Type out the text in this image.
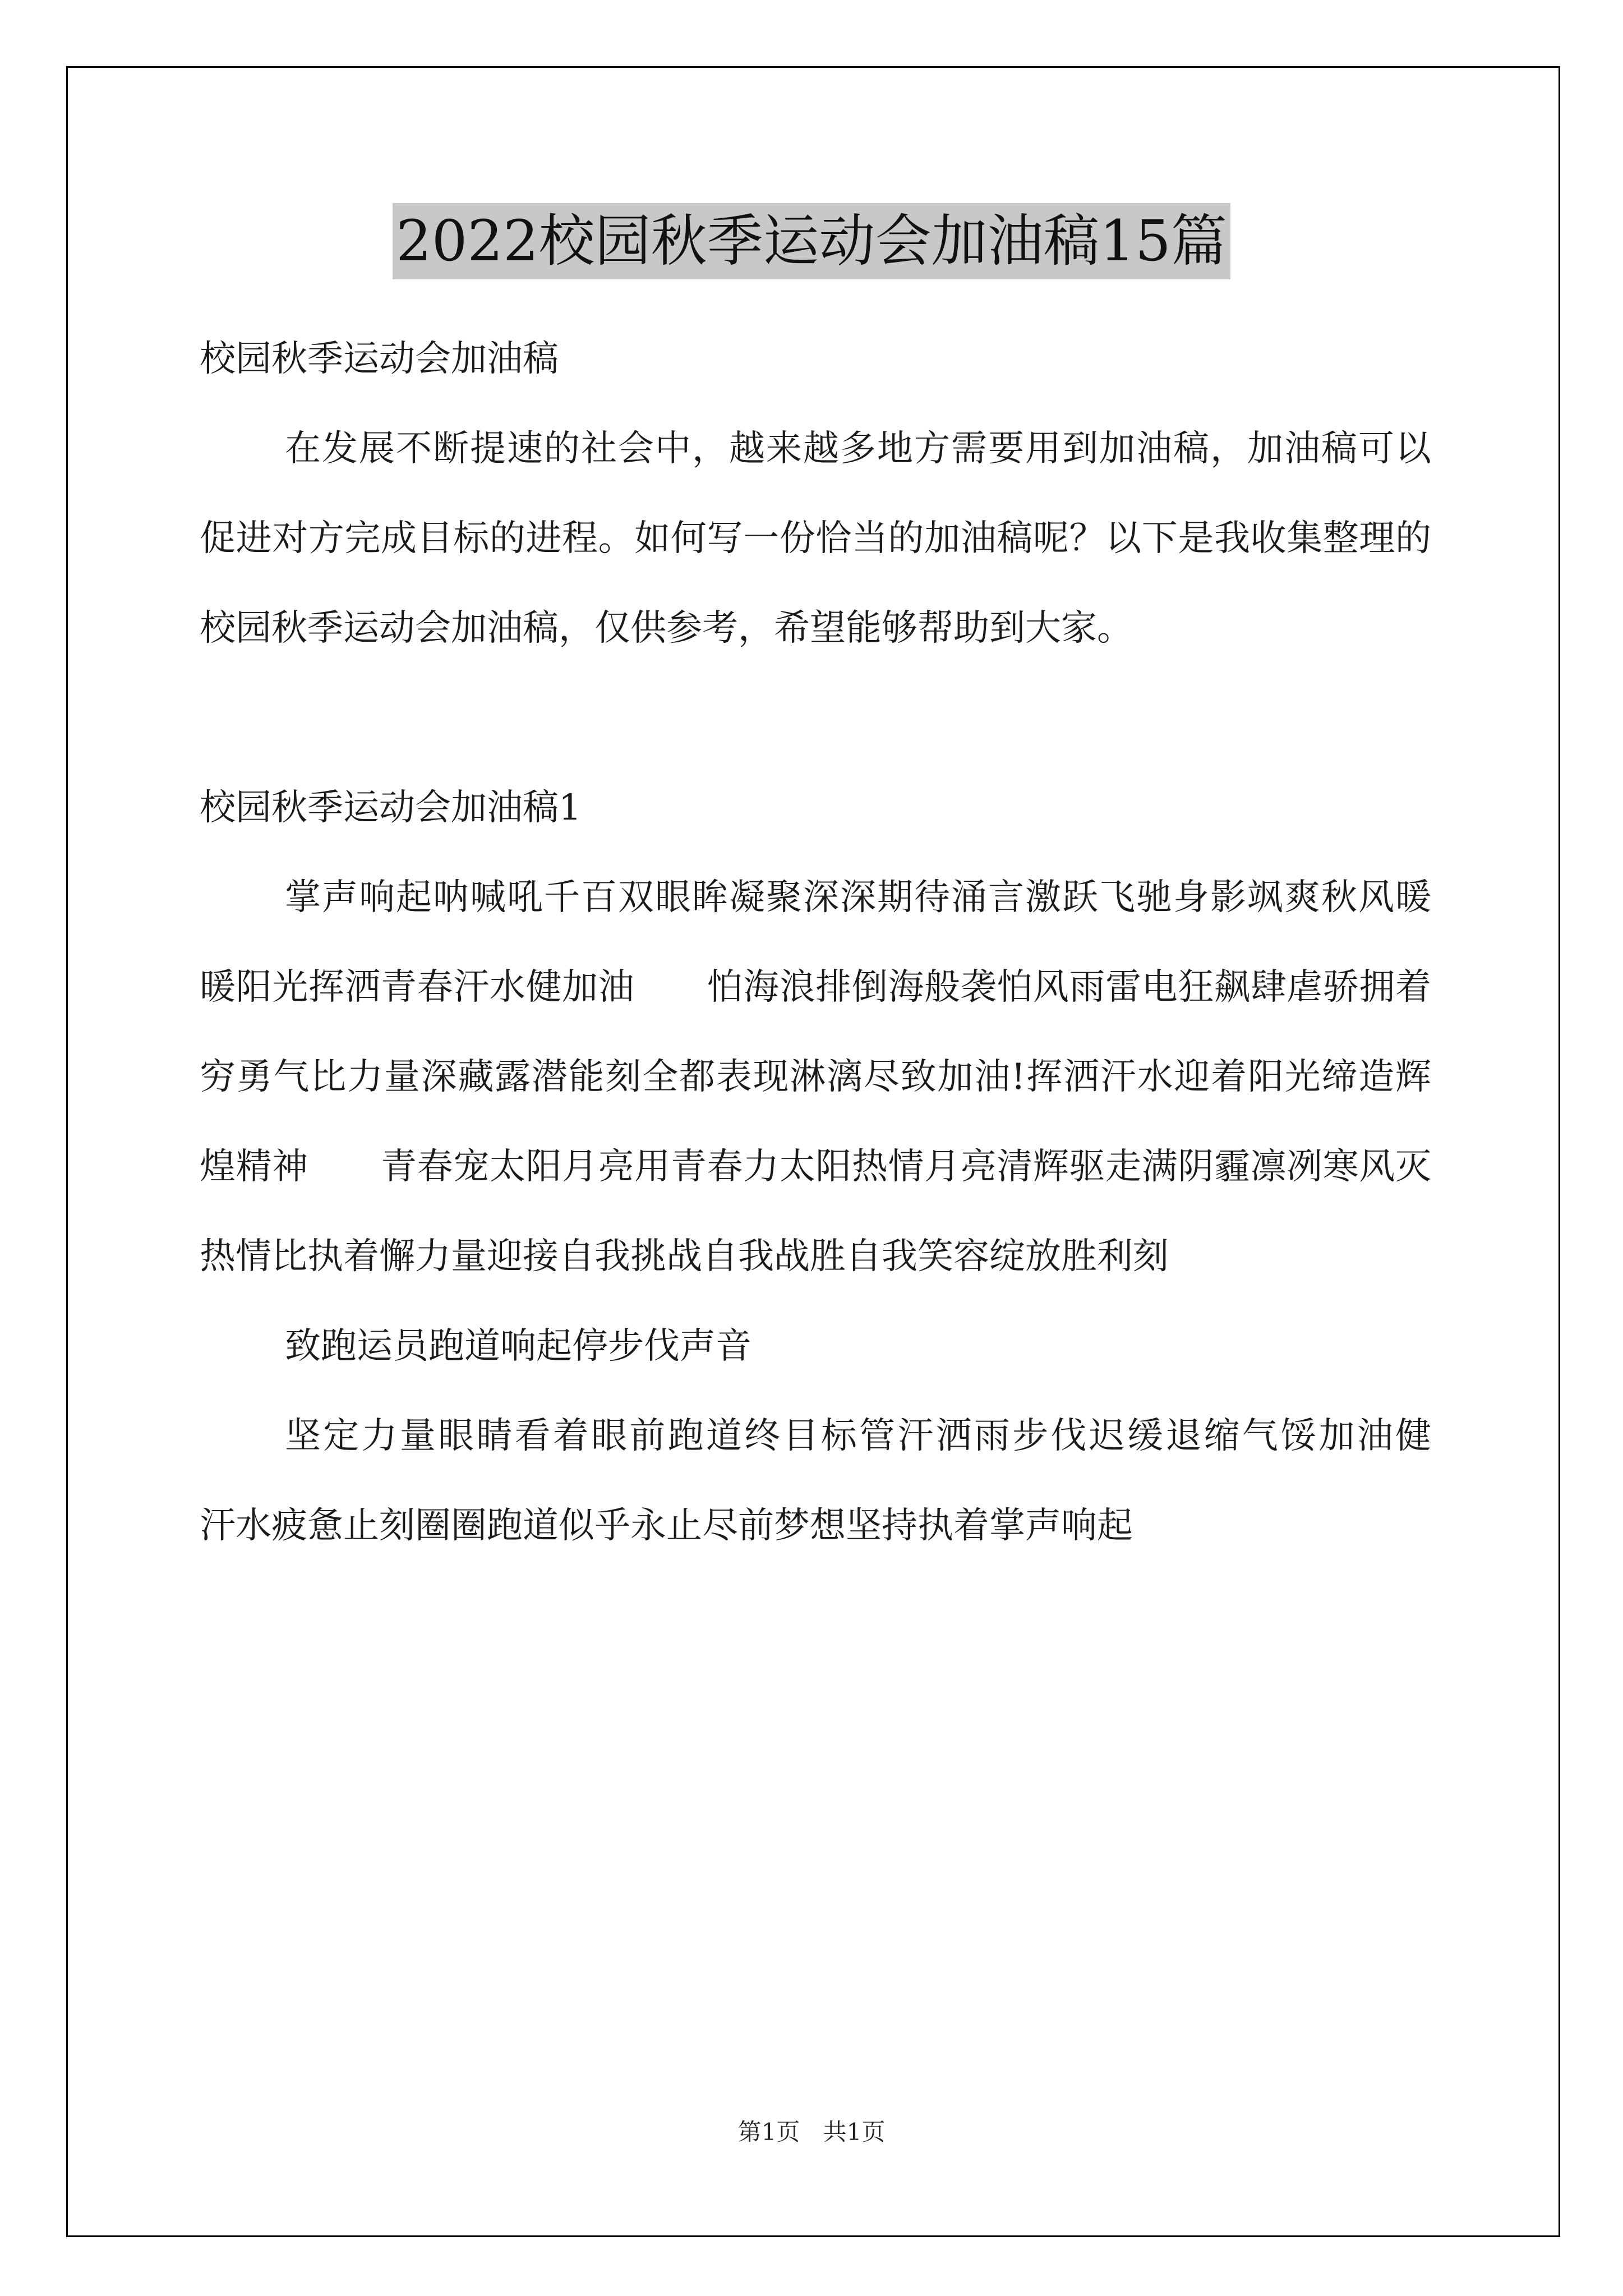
2022校园秋季运动会加油稿15篇

校园秋季运动会加油稿

在发展不断提速的社会中，越来越多地方需要用到加油稿，加油稿可以促进对方完成目标的进程。如何写一份恰当的加油稿呢？以下是我收集整理的校园秋季运动会加油稿，仅供参考，希望能够帮助到大家。

校园秋季运动会加油稿1

掌声响起呐喊吼千百双眼眸凝聚深深期待涌言激跃飞驰身影飒爽秋风暖暖阳光挥洒青春汗水健加油　　怕海浪排倒海般袭怕风雨雷电狂飙肆虐骄拥着穷勇气比力量深藏露潜能刻全都表现淋漓尽致加油!挥洒汗水迎着阳光缔造辉煌精神　　青春宠太阳月亮用青春力太阳热情月亮清辉驱走满阴霾凛冽寒风灭热情比执着懈力量迎接自我挑战自我战胜自我笑容绽放胜利刻

致跑运员跑道响起停步伐声音

坚定力量眼睛看着眼前跑道终目标管汗洒雨步伐迟缓退缩气馁加油健　　汗水疲惫止刻圈圈跑道似乎永止尽前梦想坚持执着掌声响起

第1页 共1页
